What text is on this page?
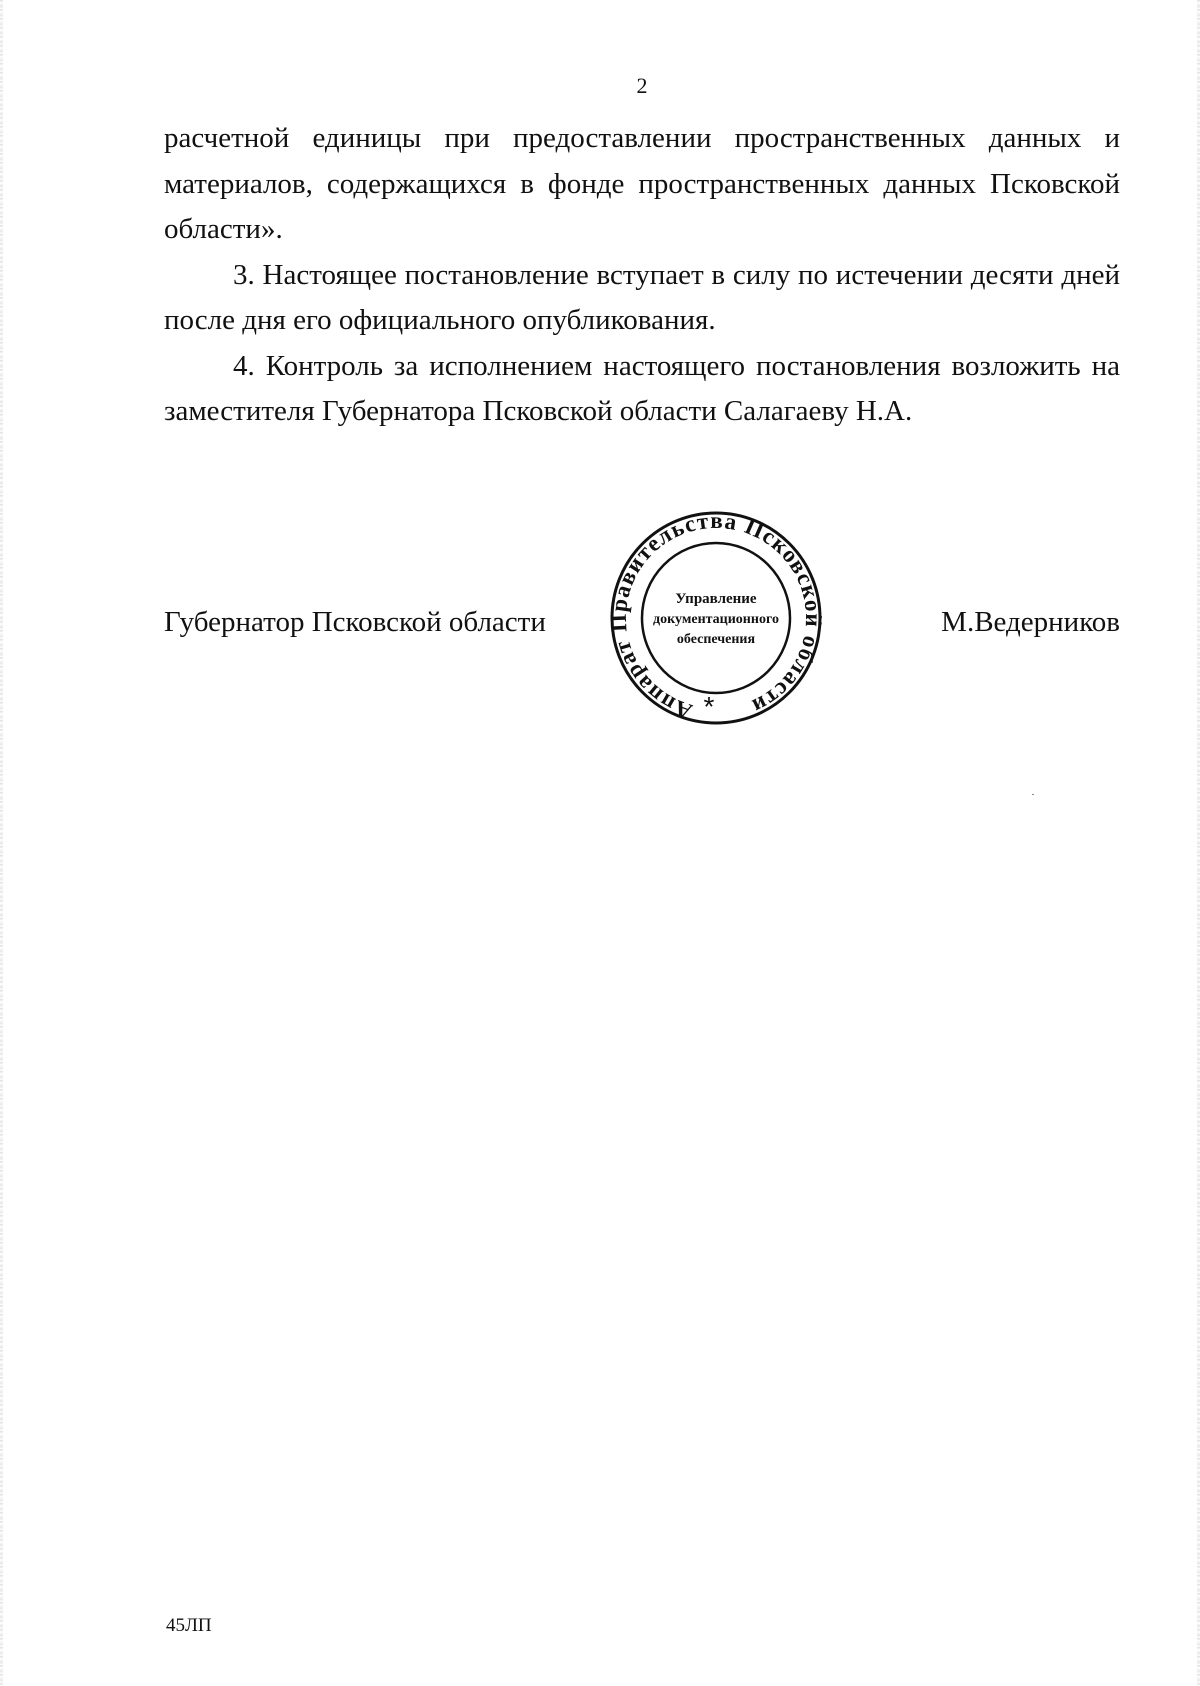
2

расчетной единицы при предоставлении пространственных данных и материалов, содержащихся в фонде пространственных данных Псковской области».

3. Настоящее постановление вступает в силу по истечении десяти дней после дня его официального опубликования.

4. Контроль за исполнением настоящего постановления возложить на заместителя Губернатора Псковской области Салагаеву Н.А.

Губернатор Псковской области	М.Ведерников
Аппарат Правительства Псковской области
Управление
документационного
обеспечения
*
45ЛП
